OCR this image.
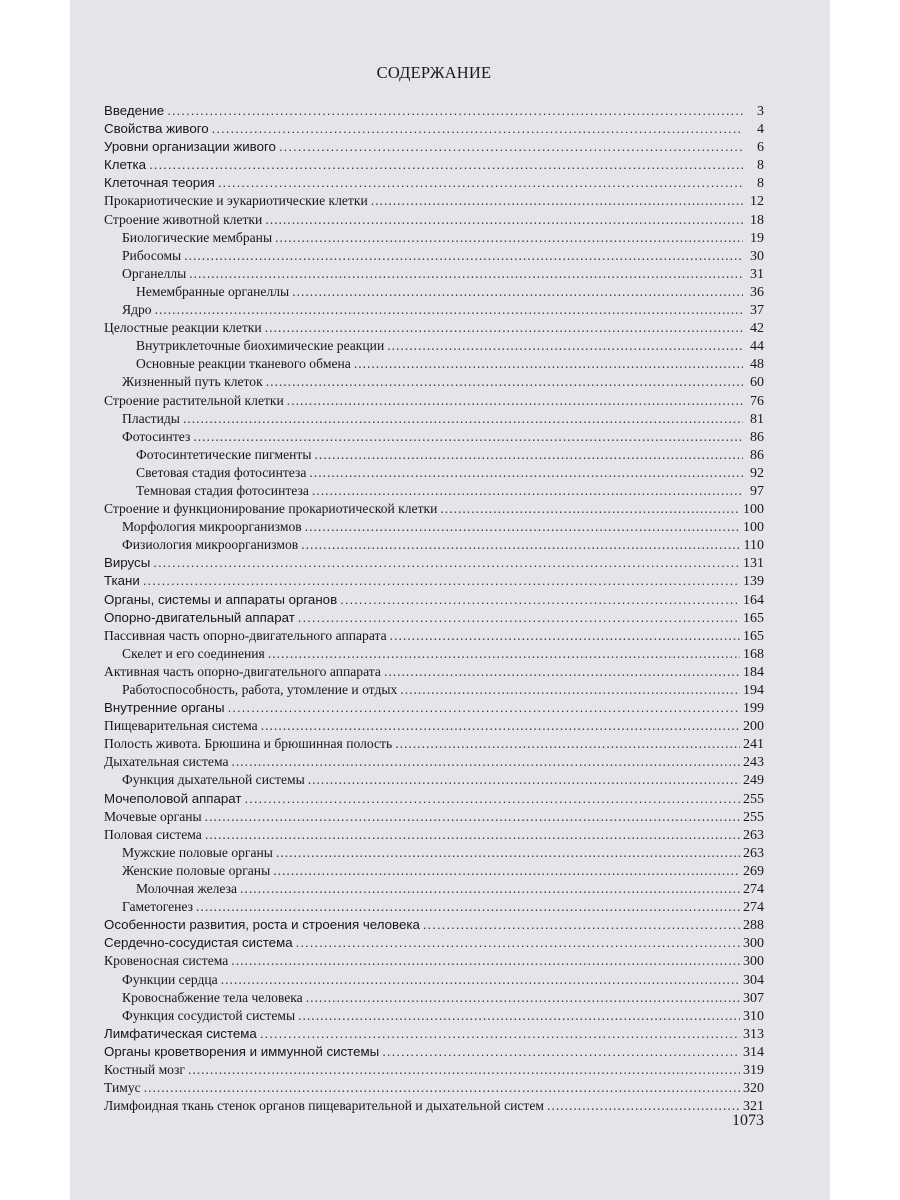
СОДЕРЖАНИЕ
Введение .....	3
Свойства живого .....	4
Уровни организации живого .....	6
Клетка .....	8
Клеточная теория .....	8
Прокариотические и эукариотические клетки .....	12
Строение животной клетки .....	18
Биологические мембраны .....	19
Рибосомы .....	30
Органеллы .....	31
Немембранные органеллы .....	36
Ядро .....	37
Целостные реакции клетки .....	42
Внутриклеточные биохимические реакции .....	44
Основные реакции тканевого обмена .....	48
Жизненный путь клеток .....	60
Строение растительной клетки .....	76
Пластиды .....	81
Фотосинтез .....	86
Фотосинтетические пигменты .....	86
Световая стадия фотосинтеза .....	92
Темновая стадия фотосинтеза .....	97
Строение и функционирование прокариотической клетки .....	100
Морфология микроорганизмов .....	100
Физиология микроорганизмов .....	110
Вирусы .....	131
Ткани .....	139
Органы, системы и аппараты органов .....	164
Опорно-двигательный аппарат .....	165
Пассивная часть опорно-двигательного аппарата .....	165
Скелет и его соединения .....	168
Активная часть опорно-двигательного аппарата .....	184
Работоспособность, работа, утомление и отдых .....	194
Внутренние органы .....	199
Пищеварительная система .....	200
Полость живота. Брюшина и брюшинная полость .....	241
Дыхательная система .....	243
Функция дыхательной системы .....	249
Мочеполовой аппарат .....	255
Мочевые органы .....	255
Половая система .....	263
Мужские половые органы .....	263
Женские половые органы .....	269
Молочная железа .....	274
Гаметогенез .....	274
Особенности развития, роста и строения человека .....	288
Сердечно-сосудистая система .....	300
Кровеносная система .....	300
Функции сердца .....	304
Кровоснабжение тела человека .....	307
Функция сосудистой системы .....	310
Лимфатическая система .....	313
Органы кроветворения и иммунной системы .....	314
Костный мозг .....	319
Тимус .....	320
Лимфоидная ткань стенок органов пищеварительной и дыхательной систем .....	321
1073
